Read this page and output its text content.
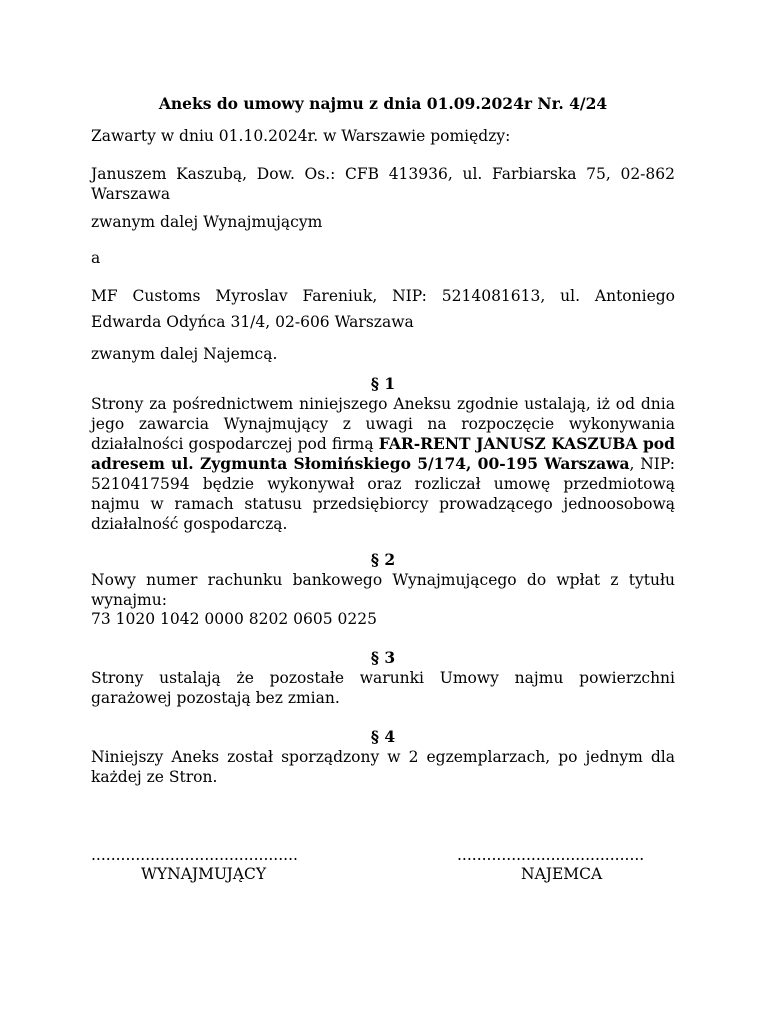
Aneks do umowy najmu z dnia 01.09.2024r Nr. 4/24
Zawarty w dniu 01.10.2024r. w Warszawie pomiędzy:
Januszem Kaszubą, Dow. Os.: CFB 413936, ul. Farbiarska 75, 02-862
Warszawa
zwanym dalej Wynajmującym
a
MF Customs Myroslav Fareniuk, NIP: 5214081613, ul. Antoniego
Edwarda Odyńca 31/4, 02-606 Warszawa
zwanym dalej Najemcą.
§ 1
Strony za pośrednictwem niniejszego Aneksu zgodnie ustalają, iż od dnia jego zawarcia Wynajmujący z uwagi na rozpoczęcie wykonywania działalności gospodarczej pod firmą FAR-RENT JANUSZ KASZUBA pod adresem ul. Zygmunta Słomińskiego 5/174, 00-195 Warszawa, NIP: 5210417594 będzie wykonywał oraz rozliczał umowę przedmiotową najmu w ramach statusu przedsiębiorcy prowadzącego jednoosobową działalność gospodarczą.
§ 2
Nowy numer rachunku bankowego Wynajmującego do wpłat z tytułu wynajmu:
73 1020 1042 0000 8202 0605 0225
§ 3
Strony ustalają że pozostałe warunki Umowy najmu powierzchni garażowej pozostają bez zmian.
§ 4
Niniejszy Aneks został sporządzony w 2 egzemplarzach, po jednym dla każdej ze Stron.
..........................................
WYNAJMUJĄCY
......................................
NAJEMCA
